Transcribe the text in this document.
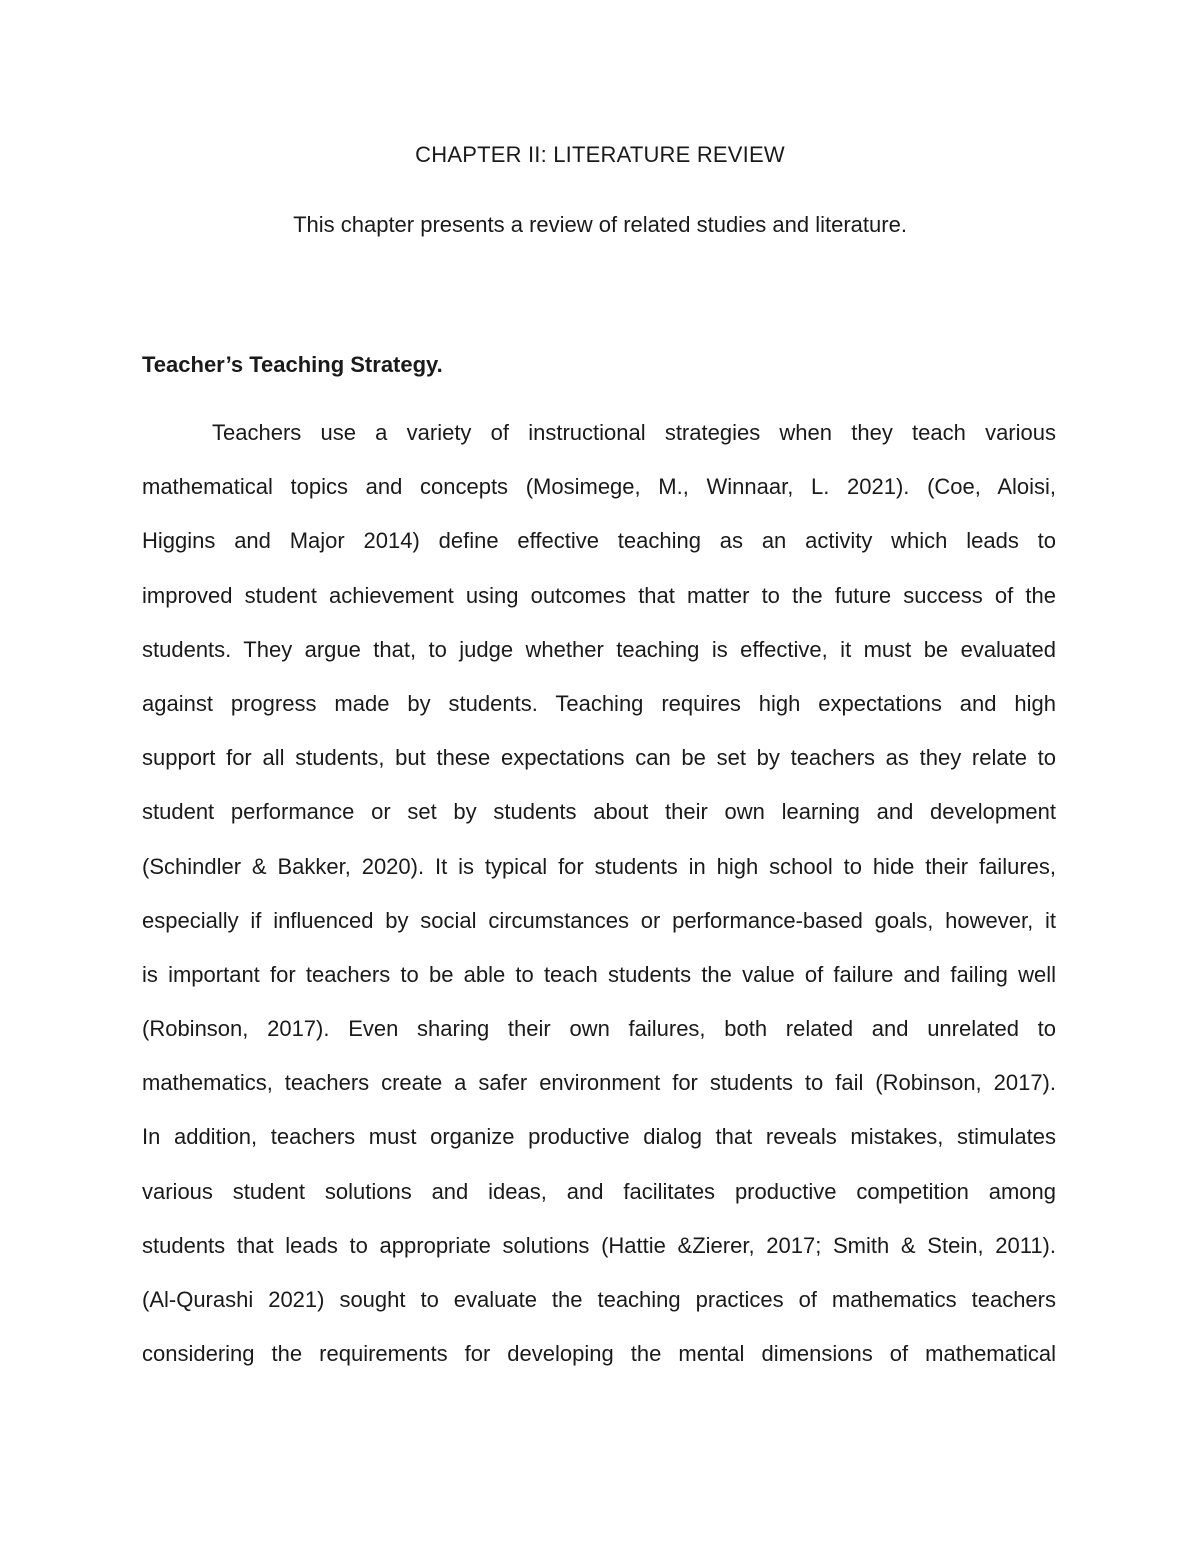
CHAPTER II: LITERATURE REVIEW
This chapter presents a review of related studies and literature.
Teacher’s Teaching Strategy.
Teachers use a variety of instructional strategies when they teach various
mathematical topics and concepts (Mosimege, M., Winnaar, L. 2021). (Coe, Aloisi,
Higgins and Major 2014) define effective teaching as an activity which leads to
improved student achievement using outcomes that matter to the future success of the
students. They argue that, to judge whether teaching is effective, it must be evaluated
against progress made by students. Teaching requires high expectations and high
support for all students, but these expectations can be set by teachers as they relate to
student performance or set by students about their own learning and development
(Schindler & Bakker, 2020). It is typical for students in high school to hide their failures,
especially if influenced by social circumstances or performance-based goals, however, it
is important for teachers to be able to teach students the value of failure and failing well
(Robinson, 2017). Even sharing their own failures, both related and unrelated to
mathematics, teachers create a safer environment for students to fail (Robinson, 2017).
In addition, teachers must organize productive dialog that reveals mistakes, stimulates
various student solutions and ideas, and facilitates productive competition among
students that leads to appropriate solutions (Hattie &Zierer, 2017; Smith & Stein, 2011).
(Al-Qurashi 2021) sought to evaluate the teaching practices of mathematics teachers
considering the requirements for developing the mental dimensions of mathematical
